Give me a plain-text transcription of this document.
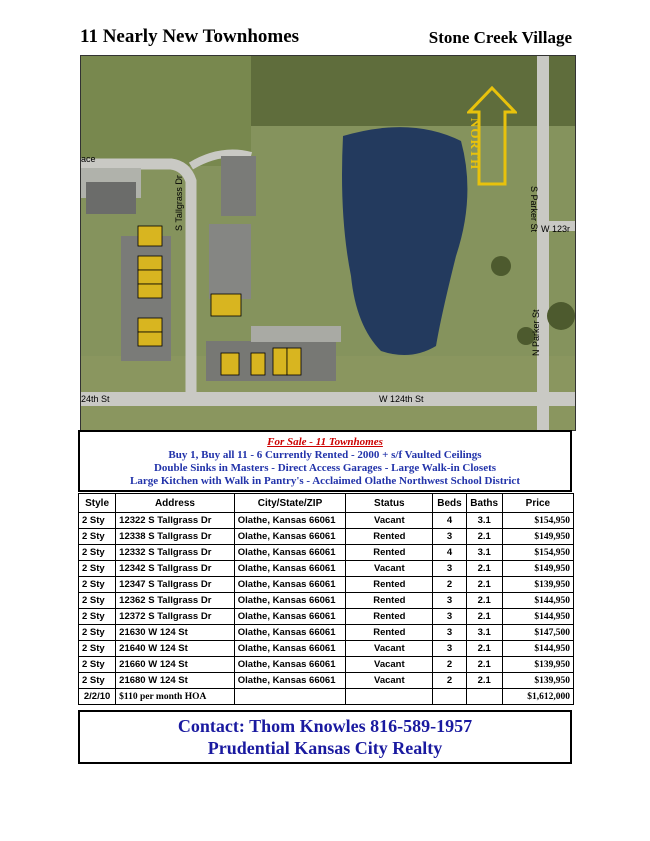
11 Nearly New Townhomes	Stone Creek Village
ace
S Tallgrass Dr	S Parker St W 123r
N Parker St
24th St	W 124th St
NORTH
For Sale - 11 Townhomes
Buy 1, Buy all 11 - 6 Currently Rented - 2000 + s/f Vaulted Ceilings
Double Sinks in Masters - Direct Access Garages - Large Walk-in Closets
Large Kitchen with Walk in Pantry's - Acclaimed Olathe Northwest School District
Style	Address	City/State/ZIP	Status	Beds	Baths	Price
2 Sty	12322 S Tallgrass Dr	Olathe, Kansas 66061	Vacant	4	3.1	$154,950
2 Sty	12338 S Tallgrass Dr	Olathe, Kansas 66061	Rented	3	2.1	$149,950
2 Sty	12332 S Tallgrass Dr	Olathe, Kansas 66061	Rented	4	3.1	$154,950
2 Sty	12342 S Tallgrass Dr	Olathe, Kansas 66061	Vacant	3	2.1	$149,950
2 Sty	12347 S Tallgrass Dr	Olathe, Kansas 66061	Rented	2	2.1	$139,950
2 Sty	12362 S Tallgrass Dr	Olathe, Kansas 66061	Rented	3	2.1	$144,950
2 Sty	12372 S Tallgrass Dr	Olathe, Kansas 66061	Rented	3	2.1	$144,950
2 Sty	21630 W 124 St	Olathe, Kansas 66061	Rented	3	3.1	$147,500
2 Sty	21640 W 124 St	Olathe, Kansas 66061	Vacant	3	2.1	$144,950
2 Sty	21660 W 124 St	Olathe, Kansas 66061	Vacant	2	2.1	$139,950
2 Sty	21680 W 124 St	Olathe, Kansas 66061	Vacant	2	2.1	$139,950
2/2/10	$110 per month HOA					$1,612,000
Contact: Thom Knowles 816-589-1957
Prudential Kansas City Realty
